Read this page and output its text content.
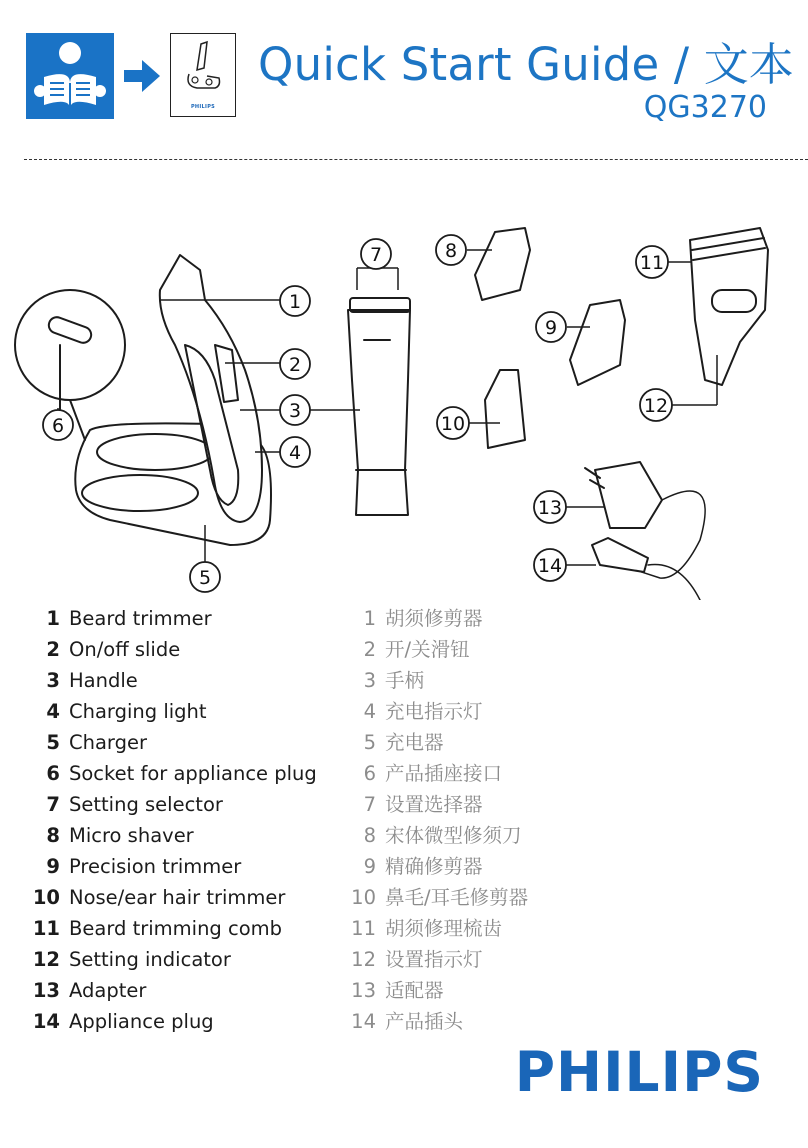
PHILIPS
Quick Start Guide / 文本
QG3270
1
2
3
4
5
6
7	8
9
10
11
12
13
14
1 Beard trimmer
2 On/off slide
3 Handle
4 Charging light
5 Charger
6 Socket for appliance plug
7 Setting selector
8 Micro shaver
9 Precision trimmer
10 Nose/ear hair trimmer
11 Beard trimming comb
12 Setting indicator
13 Adapter
14 Appliance plug
1 胡须修剪器
2 开/关滑钮
3 手柄
4 充电指示灯
5 充电器
6 产品插座接口
7 设置选择器
8 宋体微型修须刀
9 精确修剪器
10 鼻毛/耳毛修剪器
11 胡须修理梳齿
12 设置指示灯
13 适配器
14 产品插头
PHILIPS
